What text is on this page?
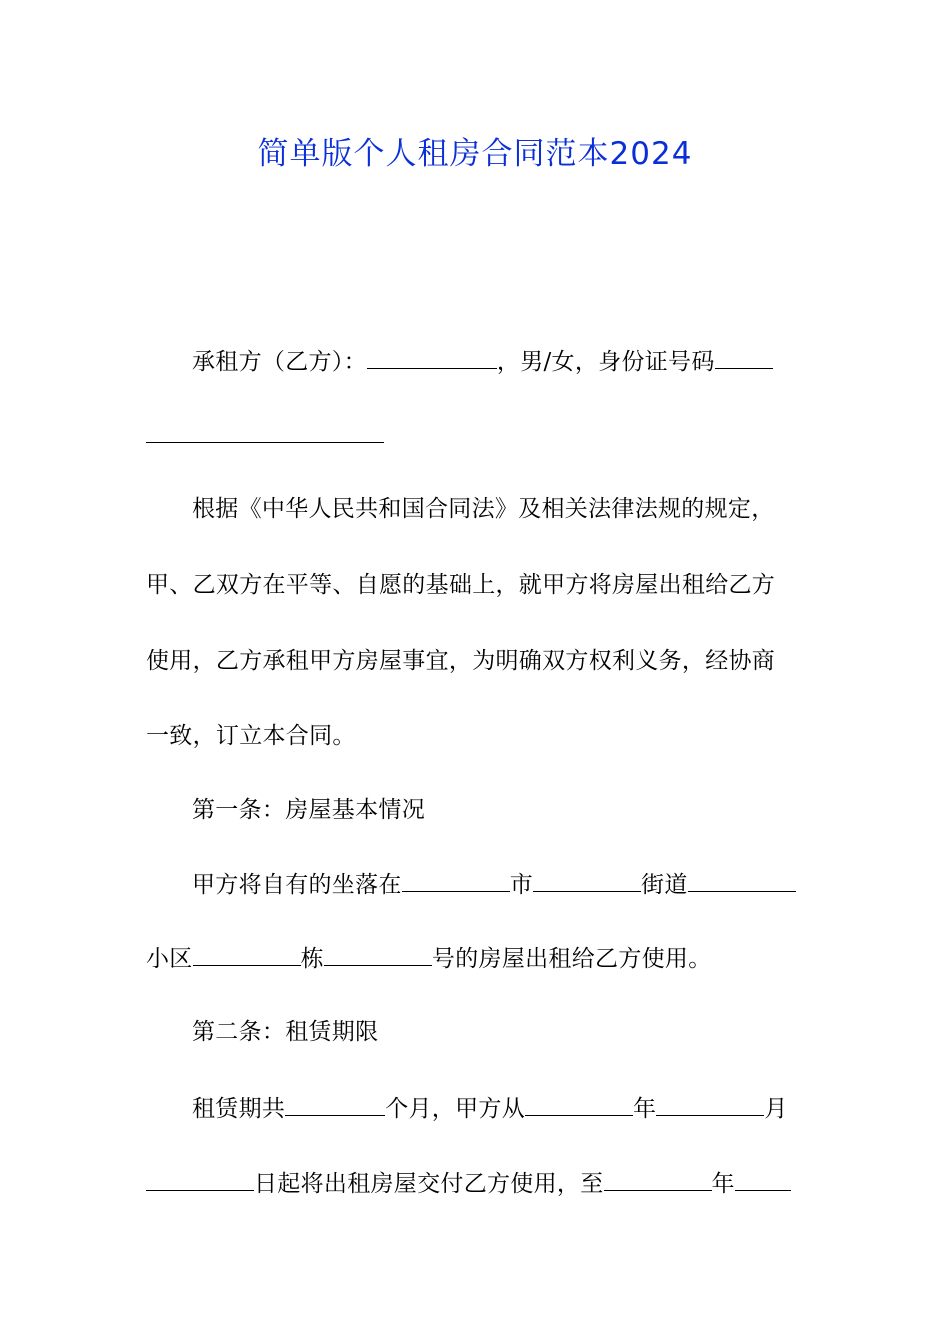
简单版个人租房合同范本2024
承租方（乙方）：	，男/女，身份证号码
根据《中华人民共和国合同法》及相关法律法规的规定，
甲、乙双方在平等、自愿的基础上，就甲方将房屋出租给乙方
使用，乙方承租甲方房屋事宜，为明确双方权利义务，经协商
一致，订立本合同。
第一条：房屋基本情况
甲方将自有的坐落在	市	街道
小区	栋	号的房屋出租给乙方使用。
第二条：租赁期限
租赁期共	个月，甲方从	年	月
日起将出租房屋交付乙方使用，至	年
